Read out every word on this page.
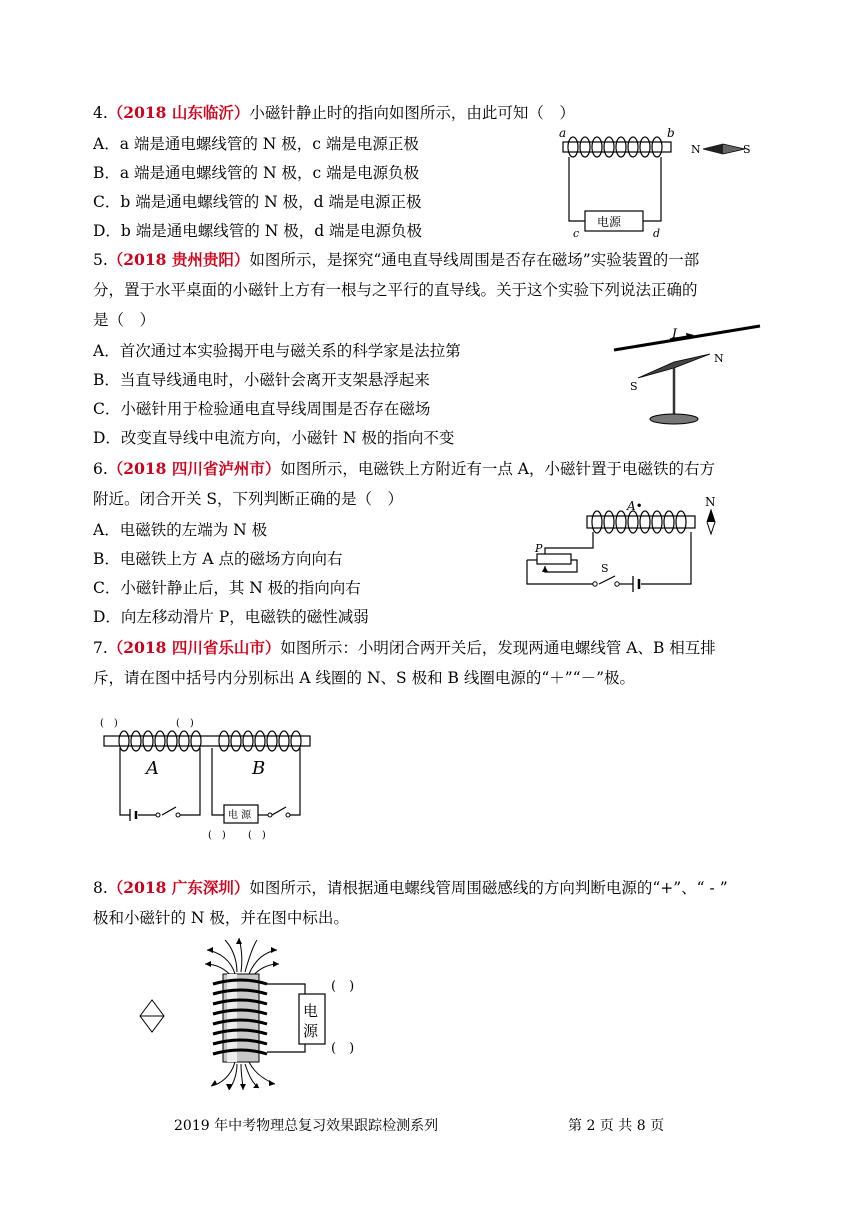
4.（2018 山东临沂）小磁针静止时的指向如图所示，由此可知（　）
A．a 端是通电螺线管的 N 极，c 端是电源正极
B．a 端是通电螺线管的 N 极，c 端是电源负极
C．b 端是通电螺线管的 N 极，d 端是电源正极
D．b 端是通电螺线管的 N 极，d 端是电源负极
a	b
电源
c	d
N	S
5.（2018 贵州贵阳）如图所示，是探究“通电直导线周围是否存在磁场”实验装置的一部
分，置于水平桌面的小磁针上方有一根与之平行的直导线。关于这个实验下列说法正确的
是（　）
A．首次通过本实验揭开电与磁关系的科学家是法拉第
B．当直导线通电时，小磁针会离开支架悬浮起来
C．小磁针用于检验通电直导线周围是否存在磁场
D．改变直导线中电流方向，小磁针 N 极的指向不变
I
N
S
6.（2018 四川省泸州市）如图所示，电磁铁上方附近有一点 A，小磁针置于电磁铁的右方
附近。闭合开关 S，下列判断正确的是（　）
A．电磁铁的左端为 N 极
B．电磁铁上方 A 点的磁场方向向右
C．小磁针静止后，其 N 极的指向向右
D．向左移动滑片 P，电磁铁的磁性减弱
A•
P
S
N
7.（2018 四川省乐山市）如图所示：小明闭合两开关后，发现两通电螺线管 A、B 相互排
斥，请在图中括号内分别标出 A 线圈的 N、S 极和 B 线圈电源的“＋”“－”极。
(　)	(　)
A	B
电 源
(　) (　)
8.（2018 广东深圳）如图所示，请根据通电螺线管周围磁感线的方向判断电源的“+”、“ - ”
极和小磁针的 N 极，并在图中标出。
电
源
(　)
(　)
2019 年中考物理总复习效果跟踪检测系列	第 2 页 共 8 页
